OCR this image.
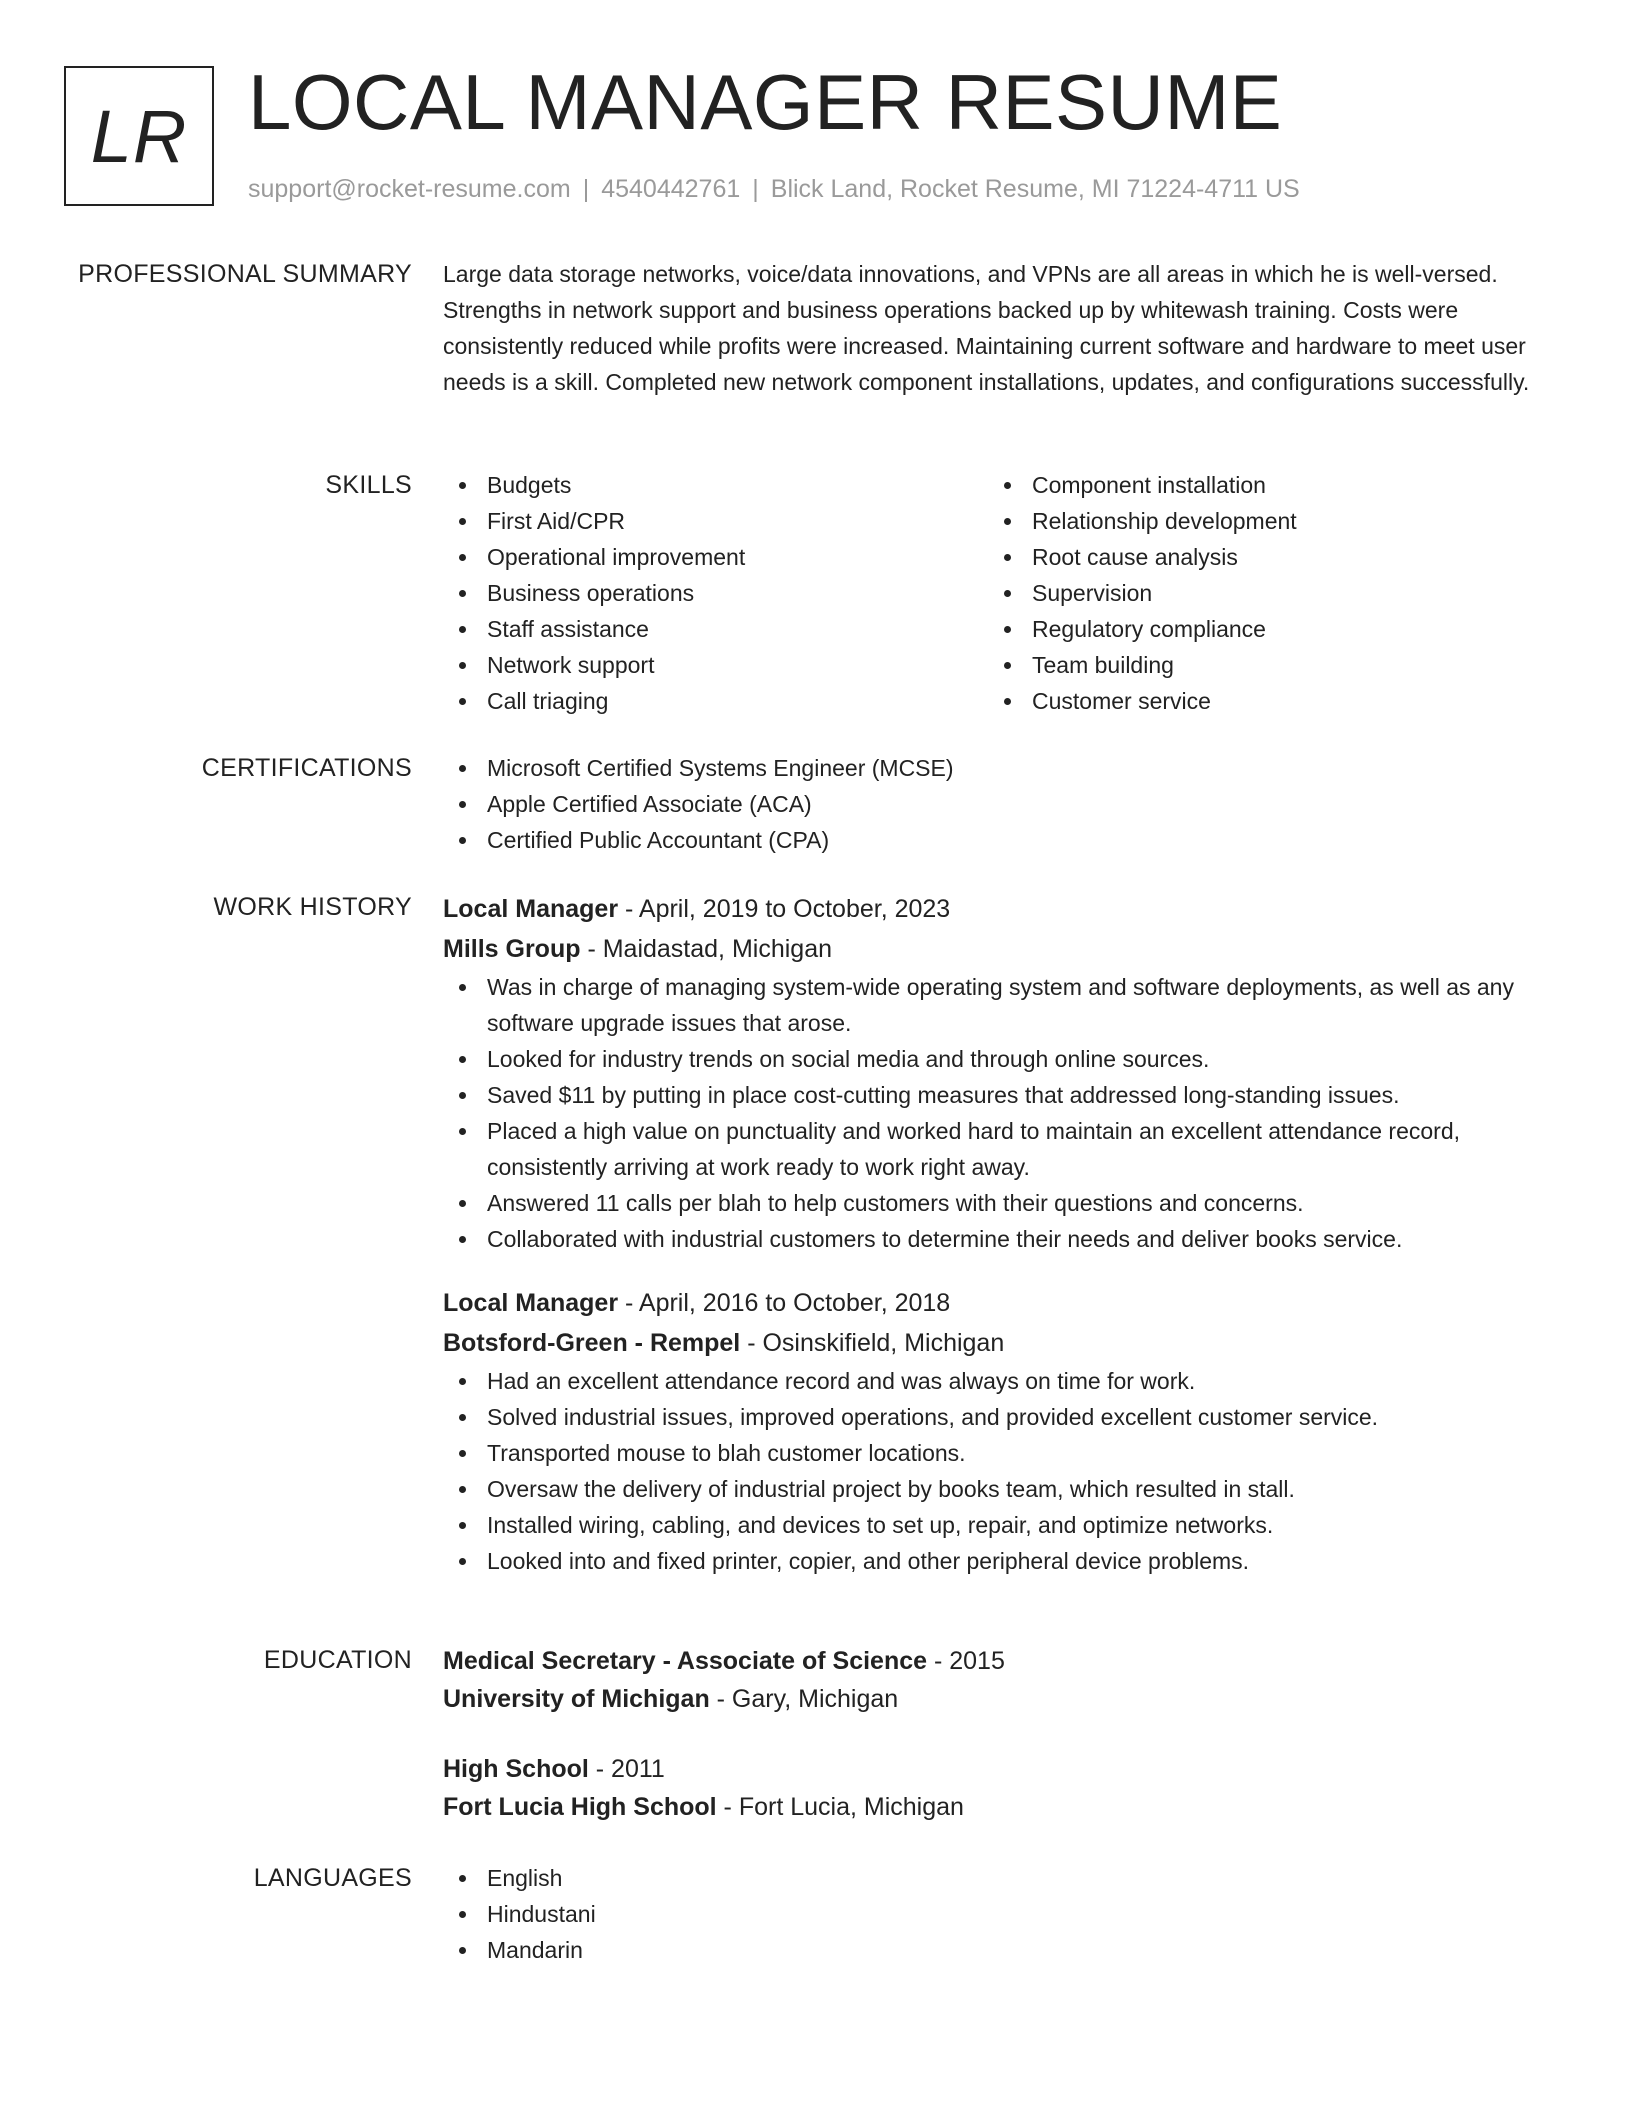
LR LOCAL MANAGER RESUME
support@rocket-resume.com | 4540442761 | Blick Land, Rocket Resume, MI 71224-4711 US
PROFESSIONAL SUMMARY Large data storage networks, voice/data innovations, and VPNs are all areas in which he is well-versed. Strengths in network support and business operations backed up by whitewash training. Costs were consistently reduced while profits were increased. Maintaining current software and hardware to meet user needs is a skill. Completed new network component installations, updates, and configurations successfully.

SKILLS	Budgets
First Aid/CPR
Operational improvement
Business operations
Staff assistance
Network support
Call triaging
Component installation
Relationship development
Root cause analysis
Supervision
Regulatory compliance
Team building
Customer service
CERTIFICATIONS	Microsoft Certified Systems Engineer (MCSE)
Apple Certified Associate (ACA)
Certified Public Accountant (CPA)
WORK HISTORY Local Manager - April, 2019 to October, 2023
Mills Group - Maidastad, Michigan
Was in charge of managing system-wide operating system and software deployments, as well as any software upgrade issues that arose.
Looked for industry trends on social media and through online sources.
Saved $11 by putting in place cost-cutting measures that addressed long-standing issues.
Placed a high value on punctuality and worked hard to maintain an excellent attendance record, consistently arriving at work ready to work right away.
Answered 11 calls per blah to help customers with their questions and concerns.
Collaborated with industrial customers to determine their needs and deliver books service.
Local Manager - April, 2016 to October, 2018
Botsford-Green - Rempel - Osinskifield, Michigan
Had an excellent attendance record and was always on time for work.
Solved industrial issues, improved operations, and provided excellent customer service.
Transported mouse to blah customer locations.
Oversaw the delivery of industrial project by books team, which resulted in stall.
Installed wiring, cabling, and devices to set up, repair, and optimize networks.
Looked into and fixed printer, copier, and other peripheral device problems.
EDUCATION Medical Secretary - Associate of Science - 2015
University of Michigan - Gary, Michigan
High School - 2011
Fort Lucia High School - Fort Lucia, Michigan
LANGUAGES	English
Hindustani
Mandarin
